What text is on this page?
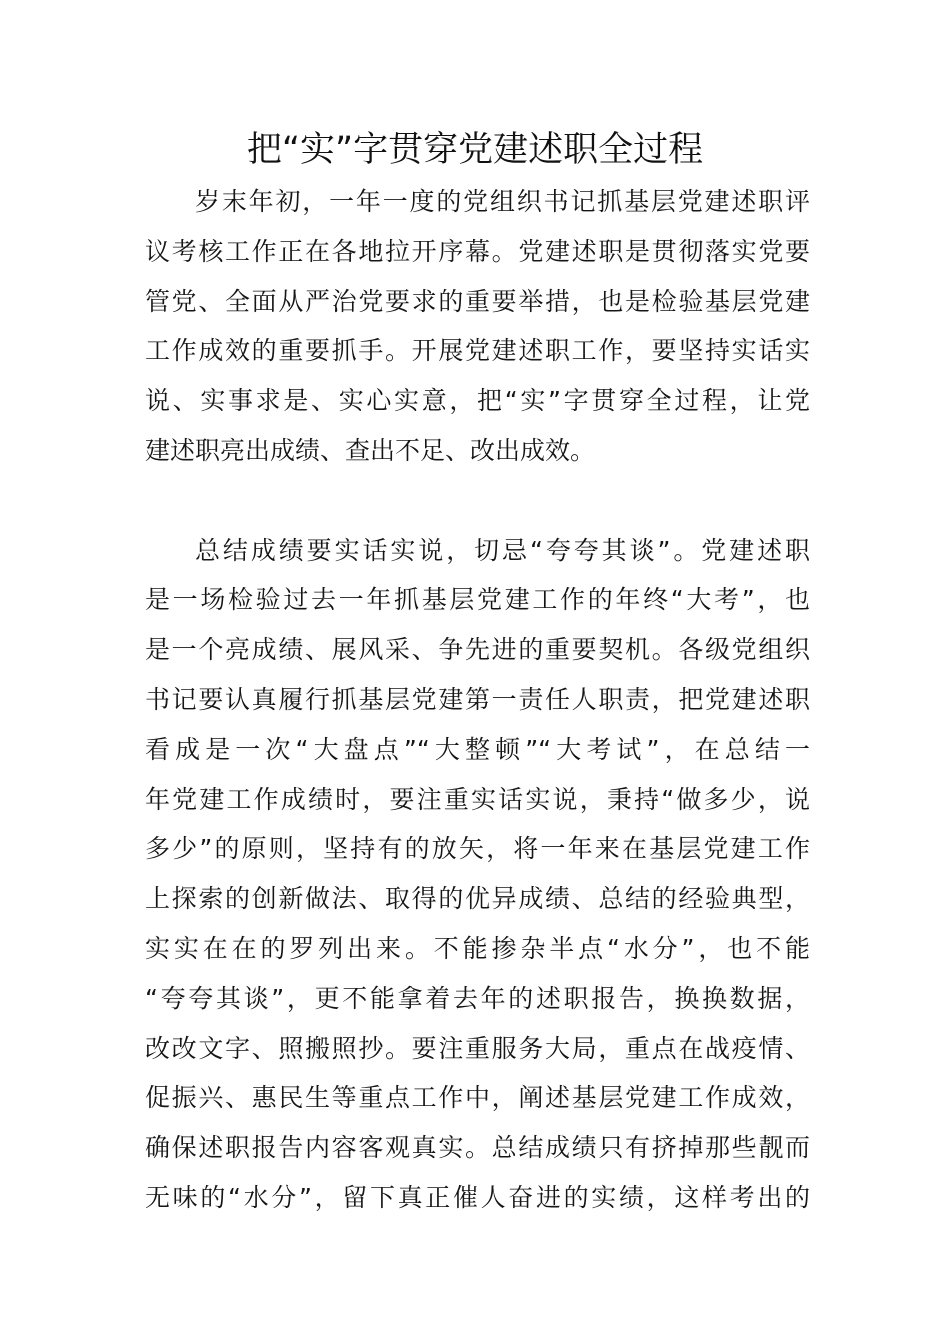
把“实”字贯穿党建述职全过程
岁末年初，一年一度的党组织书记抓基层党建述职评
议考核工作正在各地拉开序幕。党建述职是贯彻落实党要
管党、全面从严治党要求的重要举措，也是检验基层党建
工作成效的重要抓手。开展党建述职工作，要坚持实话实
说、实事求是、实心实意，把“实”字贯穿全过程，让党
建述职亮出成绩、查出不足、改出成效。
总结成绩要实话实说，切忌“夸夸其谈”。党建述职
是一场检验过去一年抓基层党建工作的年终“大考”，也
是一个亮成绩、展风采、争先进的重要契机。各级党组织
书记要认真履行抓基层党建第一责任人职责，把党建述职
看成是一次“大盘点”“大整顿”“大考试”，在总结一
年党建工作成绩时，要注重实话实说，秉持“做多少，说
多少”的原则，坚持有的放矢，将一年来在基层党建工作
上探索的创新做法、取得的优异成绩、总结的经验典型，
实实在在的罗列出来。不能掺杂半点“水分”，也不能
“夸夸其谈”，更不能拿着去年的述职报告，换换数据，
改改文字、照搬照抄。要注重服务大局，重点在战疫情、
促振兴、惠民生等重点工作中，阐述基层党建工作成效，
确保述职报告内容客观真实。总结成绩只有挤掉那些靓而
无味的“水分”，留下真正催人奋进的实绩，这样考出的
